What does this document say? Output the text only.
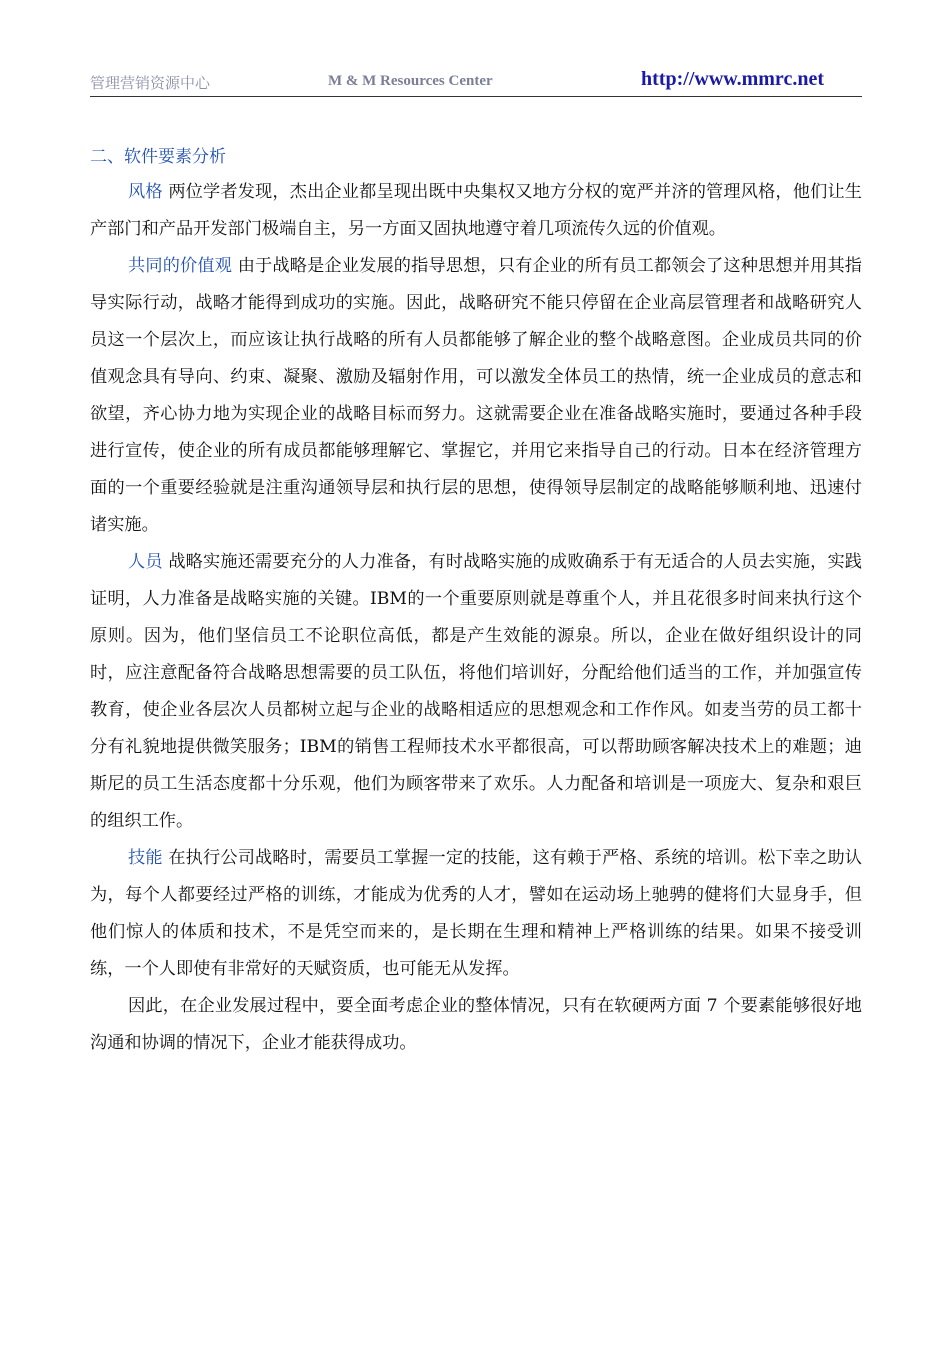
管理营销资源中心	M & M Resources Center	http://www.mmrc.net
二、软件要素分析

风格 两位学者发现，杰出企业都呈现出既中央集权又地方分权的宽严并济的管理风格，他们让生产部门和产品开发部门极端自主，另一方面又固执地遵守着几项流传久远的价值观。

共同的价值观 由于战略是企业发展的指导思想，只有企业的所有员工都领会了这种思想并用其指导实际行动，战略才能得到成功的实施。因此，战略研究不能只停留在企业高层管理者和战略研究人员这一个层次上，而应该让执行战略的所有人员都能够了解企业的整个战略意图。企业成员共同的价值观念具有导向、约束、凝聚、激励及辐射作用，可以激发全体员工的热情，统一企业成员的意志和欲望，齐心协力地为实现企业的战略目标而努力。这就需要企业在准备战略实施时，要通过各种手段进行宣传，使企业的所有成员都能够理解它、掌握它，并用它来指导自己的行动。日本在经济管理方面的一个重要经验就是注重沟通领导层和执行层的思想，使得领导层制定的战略能够顺利地、迅速付诸实施。

人员 战略实施还需要充分的人力准备，有时战略实施的成败确系于有无适合的人员去实施，实践证明，人力准备是战略实施的关键。IBM的一个重要原则就是尊重个人，并且花很多时间来执行这个原则。因为，他们坚信员工不论职位高低，都是产生效能的源泉。所以，企业在做好组织设计的同时，应注意配备符合战略思想需要的员工队伍，将他们培训好，分配给他们适当的工作，并加强宣传教育，使企业各层次人员都树立起与企业的战略相适应的思想观念和工作作风。如麦当劳的员工都十分有礼貌地提供微笑服务；IBM的销售工程师技术水平都很高，可以帮助顾客解决技术上的难题；迪斯尼的员工生活态度都十分乐观，他们为顾客带来了欢乐。人力配备和培训是一项庞大、复杂和艰巨的组织工作。

技能 在执行公司战略时，需要员工掌握一定的技能，这有赖于严格、系统的培训。松下幸之助认为，每个人都要经过严格的训练，才能成为优秀的人才，譬如在运动场上驰骋的健将们大显身手，但他们惊人的体质和技术，不是凭空而来的，是长期在生理和精神上严格训练的结果。如果不接受训练，一个人即使有非常好的天赋资质，也可能无从发挥。

因此，在企业发展过程中，要全面考虑企业的整体情况，只有在软硬两方面 7 个要素能够很好地沟通和协调的情况下，企业才能获得成功。
